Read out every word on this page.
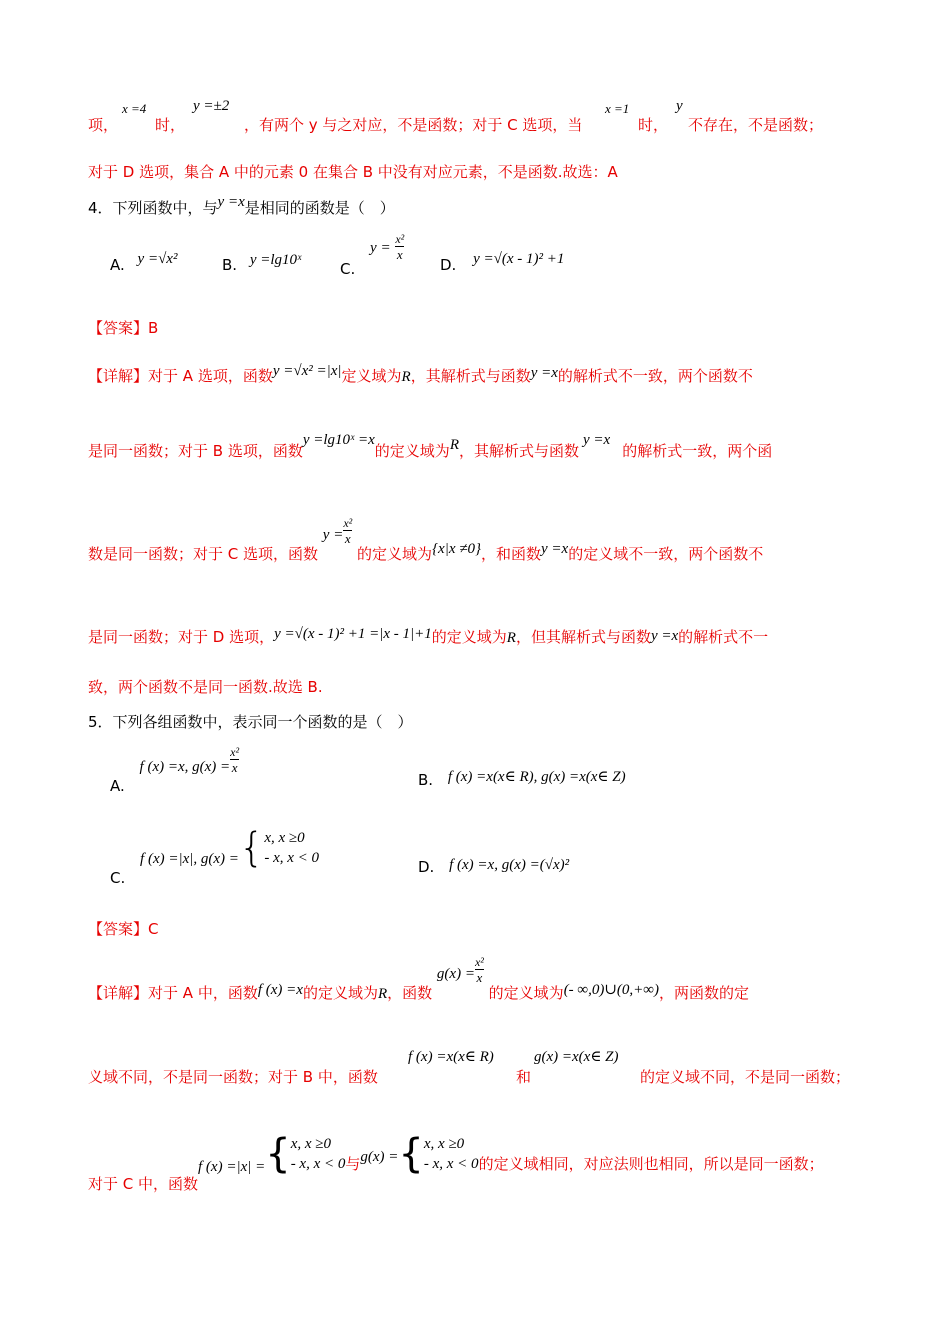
项，
x =4
时，
y =±2
，有两个 y 与之对应，不是函数；对于 C 选项，当
x =1
时，
y
不存在，不是函数；
对于 D 选项，集合 A 中的元素 0 在集合 B 中没有对应元素，不是函数.故选：A
4．下列函数中，与y =x是相同的函数是（　）
A. y =√x²	B. y =lg10ˣ	C. $y = \frac{\text{x²}}{x}$
D. y =√(x - 1)² +1
【答案】B
【详解】对于 A 选项，函数y =√x² =|x|定义域为R，其解析式与函数y =x的解析式不一致，两个函数不
是同一函数；对于 B 选项，函数y =lg10ˣ =x的定义域为R，其解析式与函数y =x的解析式一致，两个函
数是同一函数；对于 C 选项，函数 $y = \frac{\text{x²}}{x}$
的定义域为{x|x ≠0}，和函数y =x的定义域不一致，两个函数不
是同一函数；对于 D 选项，y =√(x - 1)² +1 =|x - 1|+1的定义域为R，但其解析式与函数y =x的解析式不一
致，两个函数不是同一函数.故选 B.
5．下列各组函数中，表示同一个函数的是（　）
A. f (x) =x, $g(x) = \frac{\text{x²}}{x}$
B. f (x) =x(x∈ R), g(x) =x(x∈ Z)
C. f (x) =|x|, g(x) ={ x, x ≥0
- x, x < 0	D. f (x) =x, g(x) =(√x)²
【答案】C
【详解】对于 A 中，函数f (x) =x的定义域为R，函数 $g(x) = \frac{\text{x²}}{x}$
的定义域为(- ∞,0)∪(0,+∞)，两函数的定
义域不同，不是同一函数；对于 B 中，函数
f (x) =x(x∈ R)
和
g(x) =x(x∈ Z)
的定义域不同，不是同一函数；
对于 C 中，函数f (x) =|x| ={ x, x ≥0
- x, x < 0 与g(x) ={ x, x ≥0
- x, x < 0 的定义域相同，对应法则也相同，所以是同一函数；
